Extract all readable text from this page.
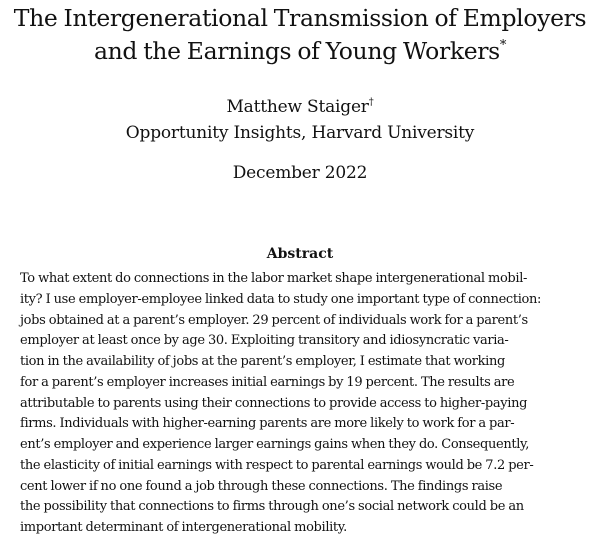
The Intergenerational Transmission of Employers
and the Earnings of Young Workers*
Matthew Staiger†
Opportunity Insights, Harvard University
December 2022
Abstract
To what extent do connections in the labor market shape intergenerational mobil-
ity? I use employer-employee linked data to study one important type of connection:
jobs obtained at a parent’s employer. 29 percent of individuals work for a parent’s
employer at least once by age 30. Exploiting transitory and idiosyncratic varia-
tion in the availability of jobs at the parent’s employer, I estimate that working
for a parent’s employer increases initial earnings by 19 percent. The results are
attributable to parents using their connections to provide access to higher-paying
firms. Individuals with higher-earning parents are more likely to work for a par-
ent’s employer and experience larger earnings gains when they do. Consequently,
the elasticity of initial earnings with respect to parental earnings would be 7.2 per-
cent lower if no one found a job through these connections. The findings raise
the possibility that connections to firms through one’s social network could be an
important determinant of intergenerational mobility.
